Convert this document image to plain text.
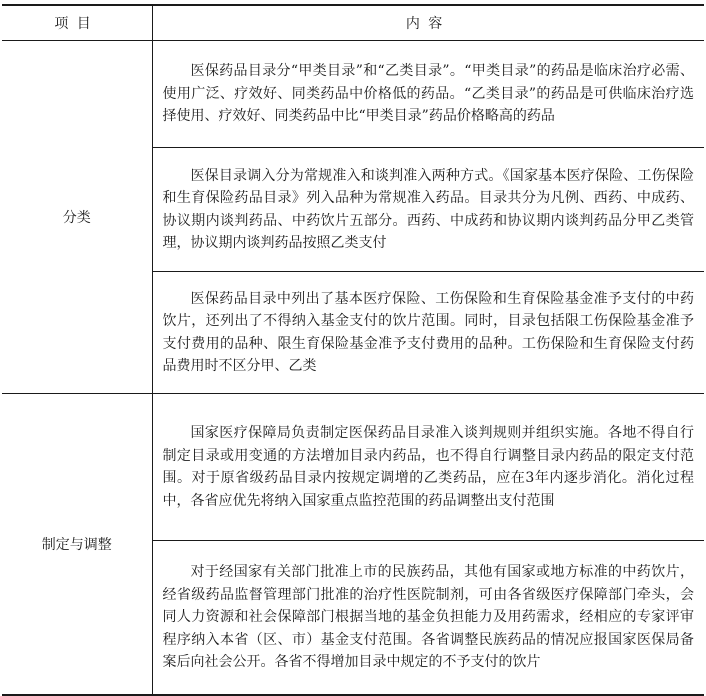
项目	内容
分类	医保药品目录分“甲类目录”和“乙类目录”。“甲类目录”的药品是临床治疗必需、使用广泛、疗效好、同类药品中价格低的药品。“乙类目录”的药品是可供临床治疗选择使用、疗效好、同类药品中比“甲类目录”药品价格略高的药品
	医保目录调入分为常规准入和谈判准入两种方式。《国家基本医疗保险、工伤保险和生育保险药品目录》列入品种为常规准入药品。目录共分为凡例、西药、中成药、协议期内谈判药品、中药饮片五部分。西药、中成药和协议期内谈判药品分甲乙类管理，协议期内谈判药品按照乙类支付
	医保药品目录中列出了基本医疗保险、工伤保险和生育保险基金准予支付的中药饮片，还列出了不得纳入基金支付的饮片范围。同时，目录包括限工伤保险基金准予支付费用的品种、限生育保险基金准予支付费用的品种。工伤保险和生育保险支付药品费用时不区分甲、乙类
制定与调整	国家医疗保障局负责制定医保药品目录准入谈判规则并组织实施。各地不得自行制定目录或用变通的方法增加目录内药品，也不得自行调整目录内药品的限定支付范围。对于原省级药品目录内按规定调增的乙类药品，应在3年内逐步消化。消化过程中，各省应优先将纳入国家重点监控范围的药品调整出支付范围
	对于经国家有关部门批准上市的民族药品，其他有国家或地方标准的中药饮片，经省级药品监督管理部门批准的治疗性医院制剂，可由各省级医疗保障部门牵头，会同人力资源和社会保障部门根据当地的基金负担能力及用药需求，经相应的专家评审程序纳入本省（区、市）基金支付范围。各省调整民族药品的情况应报国家医保局备案后向社会公开。各省不得增加目录中规定的不予支付的饮片
